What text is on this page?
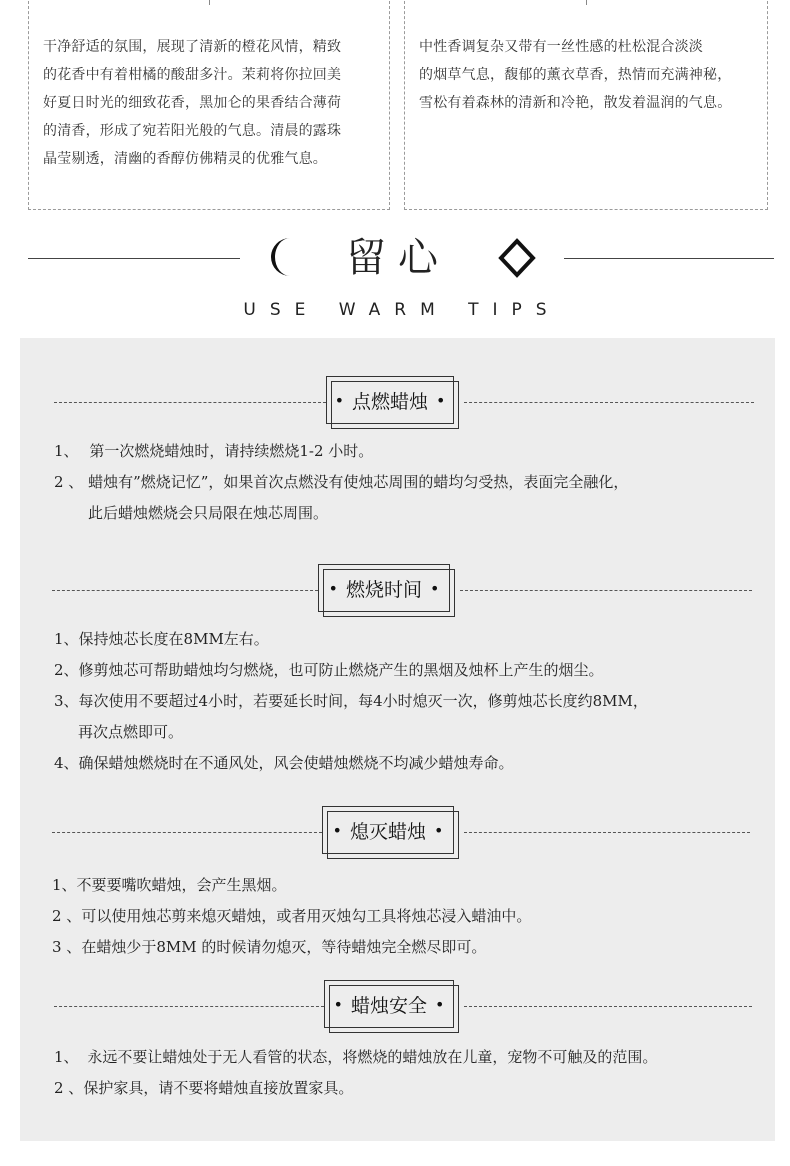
干净舒适的氛围，展现了清新的橙花风情，精致
的花香中有着柑橘的酸甜多汁。茉莉将你拉回美
好夏日时光的细致花香，黑加仑的果香结合薄荷
的清香，形成了宛若阳光般的气息。清晨的露珠
晶莹剔透，清幽的香醇仿佛精灵的优雅气息。
中性香调复杂又带有一丝性感的杜松混合淡淡
的烟草气息，馥郁的薰衣草香，热情而充满神秘，
雪松有着森林的清新和冷艳，散发着温润的气息。
留心
USE WARM TIPS
• 点燃蜡烛 •
1、 第一次燃烧蜡烛时，请持续燃烧1-2 小时。
2 、 蜡烛有”燃烧记忆”，如果首次点燃没有使烛芯周围的蜡均匀受热，表面完全融化，
此后蜡烛燃烧会只局限在烛芯周围。
• 燃烧时间 •
1、保持烛芯长度在8MM左右。
2、修剪烛芯可帮助蜡烛均匀燃烧，也可防止燃烧产生的黑烟及烛杯上产生的烟尘。
3、每次使用不要超过4小时，若要延长时间，每4小时熄灭一次，修剪烛芯长度约8MM，
再次点燃即可。
4、确保蜡烛燃烧时在不通风处，风会使蜡烛燃烧不均减少蜡烛寿命。
• 熄灭蜡烛 •
1、不要要嘴吹蜡烛，会产生黑烟。
2 、可以使用烛芯剪来熄灭蜡烛，或者用灭烛勾工具将烛芯浸入蜡油中。
3 、在蜡烛少于8MM 的时候请勿熄灭，等待蜡烛完全燃尽即可。
• 蜡烛安全 •
1、 永远不要让蜡烛处于无人看管的状态，将燃烧的蜡烛放在儿童，宠物不可触及的范围。
2 、保护家具，请不要将蜡烛直接放置家具。
